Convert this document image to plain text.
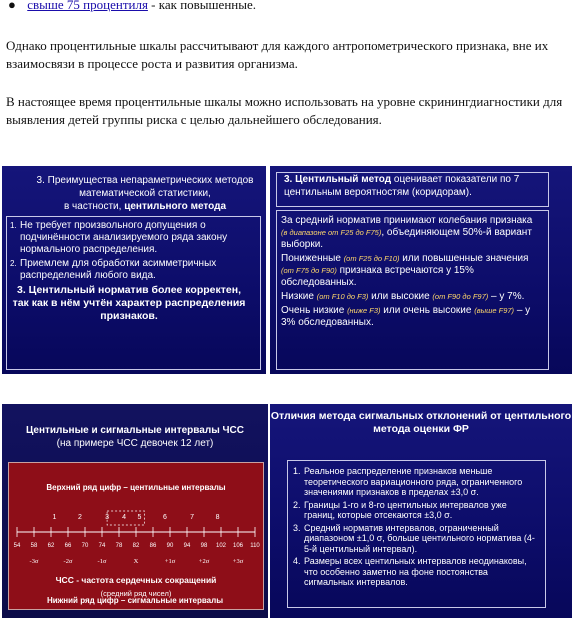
● свыше 75 процентиля - как повышенные.
Однако процентильные шкалы рассчитывают для каждого антропометрического признака, вне их взаимосвязи в процессе роста и развития организма.
В настоящее время процентильные шкалы можно использовать на уровне скринингдиагностики для выявления детей группы риска с целью дальнейшего обследования.
3. Преимущества непараметрических методов математической статистики,
в частности, центильного метода
1. Не требует произвольного допущения о подчинённости анализируемого ряда закону нормального распределения.
2. Приемлем для обработки асимметричных распределений любого вида.
3. Центильный норматив более корректен, так как в нём учтён характер распределения признаков.
3. Центильный метод оценивает показатели по 7 центильным вероятностям (коридорам).

За средний норматив принимают колебания признака (в диапазоне от F25 до F75), объединяющем 50%-й вариант выборки.

Пониженные (от F25 до F10) или повышенные значения (от F75 до F90) признака встречаются у 15% обследованных.

Низкие (от F10 до F3) или высокие (от F90 до F97) – у 7%.

Очень низкие (ниже F3) или очень высокие (выше F97) – у 3% обследованных.

Центильные и сигмальные интервалы ЧСС
(на примере ЧСС девочек 12 лет)
Верхний ряд цифр – центильные интервалы
54 58 62 66 70 74 78 82 86 90 94 98 102 106 110
1	2	3 4 5	6	7	8
-3σ	-2σ	-1σ	X	+1σ	+2σ	+3σ
ЧСС - частота сердечных сокращений
(средний ряд чисел)
Нижний ряд цифр – сигмальные интервалы
Отличия метода сигмальных отклонений от центильного метода оценки ФР
1. Реальное распределение признаков меньше теоретического вариационного ряда, ограниченного значениями признаков в пределах ±3,0 σ.
2. Границы 1-го и 8-го центильных интервалов уже границ, которые отсекаются ±3,0 σ.
3. Средний норматив интервалов, ограниченный диапазоном ±1,0 σ, больше центильного норматива (4-5-й центильный интервал).
4. Размеры всех центильных интервалов неодинаковы, что особенно заметно на фоне постоянства сигмальных интервалов.
